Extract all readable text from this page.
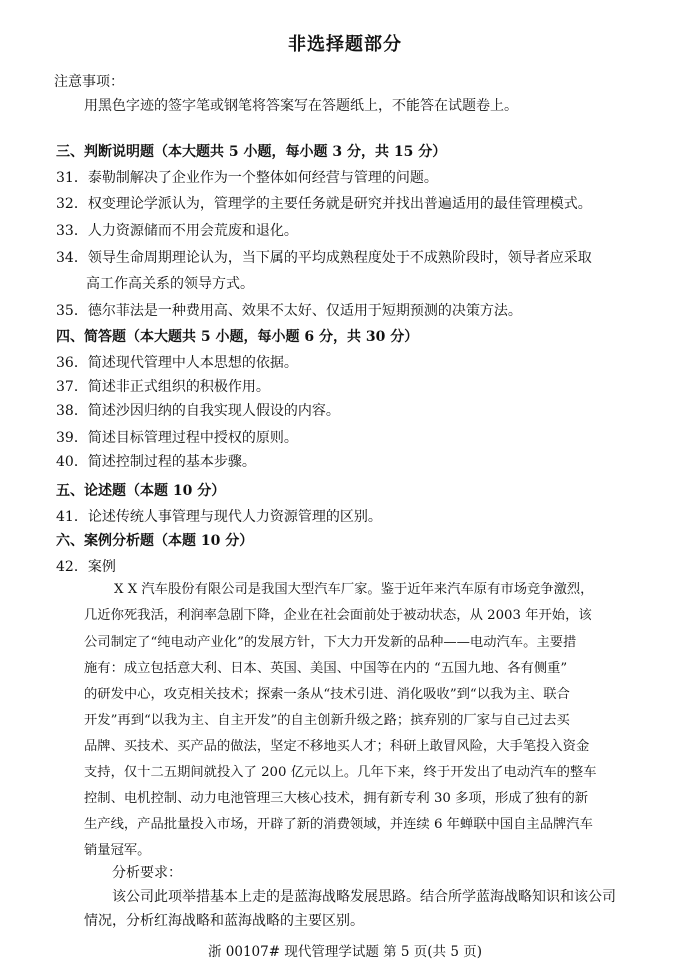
非选择题部分
注意事项：
用黑色字迹的签字笔或钢笔将答案写在答题纸上，不能答在试题卷上。
三、判断说明题（本大题共 5 小题，每小题 3 分，共 15 分）
31．泰勒制解决了企业作为一个整体如何经营与管理的问题。
32．权变理论学派认为，管理学的主要任务就是研究并找出普遍适用的最佳管理模式。
33．人力资源储而不用会荒废和退化。
34．领导生命周期理论认为，当下属的平均成熟程度处于不成熟阶段时，领导者应采取
高工作高关系的领导方式。
35．德尔菲法是一种费用高、效果不太好、仅适用于短期预测的决策方法。
四、简答题（本大题共 5 小题，每小题 6 分，共 30 分）
36．简述现代管理中人本思想的依据。
37．简述非正式组织的积极作用。
38．简述沙因归纳的自我实现人假设的内容。
39．简述目标管理过程中授权的原则。
40．简述控制过程的基本步骤。
五、论述题（本题 10 分）
41．论述传统人事管理与现代人力资源管理的区别。
六、案例分析题（本题 10 分）
42．案例
X X 汽车股份有限公司是我国大型汽车厂家。鉴于近年来汽车原有市场竞争激烈，
几近你死我活，利润率急剧下降，企业在社会面前处于被动状态，从 2003 年开始，该
公司制定了“纯电动产业化”的发展方针，下大力开发新的品种——电动汽车。主要措
施有：成立包括意大利、日本、英国、美国、中国等在内的 “五国九地、各有侧重”
的研发中心，攻克相关技术；探索一条从“技术引进、消化吸收”到“以我为主、联合
开发”再到“以我为主、自主开发”的自主创新升级之路；摈弃别的厂家与自己过去买
品牌、买技术、买产品的做法，坚定不移地买人才；科研上敢冒风险，大手笔投入资金
支持，仅十二五期间就投入了 200 亿元以上。几年下来，终于开发出了电动汽车的整车
控制、电机控制、动力电池管理三大核心技术，拥有新专利 30 多项，形成了独有的新
生产线，产品批量投入市场，开辟了新的消费领域，并连续 6 年蝉联中国自主品牌汽车
销量冠军。
分析要求：
该公司此项举措基本上走的是蓝海战略发展思路。结合所学蓝海战略知识和该公司
情况，分析红海战略和蓝海战略的主要区别。
浙 00107# 现代管理学试题 第 5 页(共 5 页)
